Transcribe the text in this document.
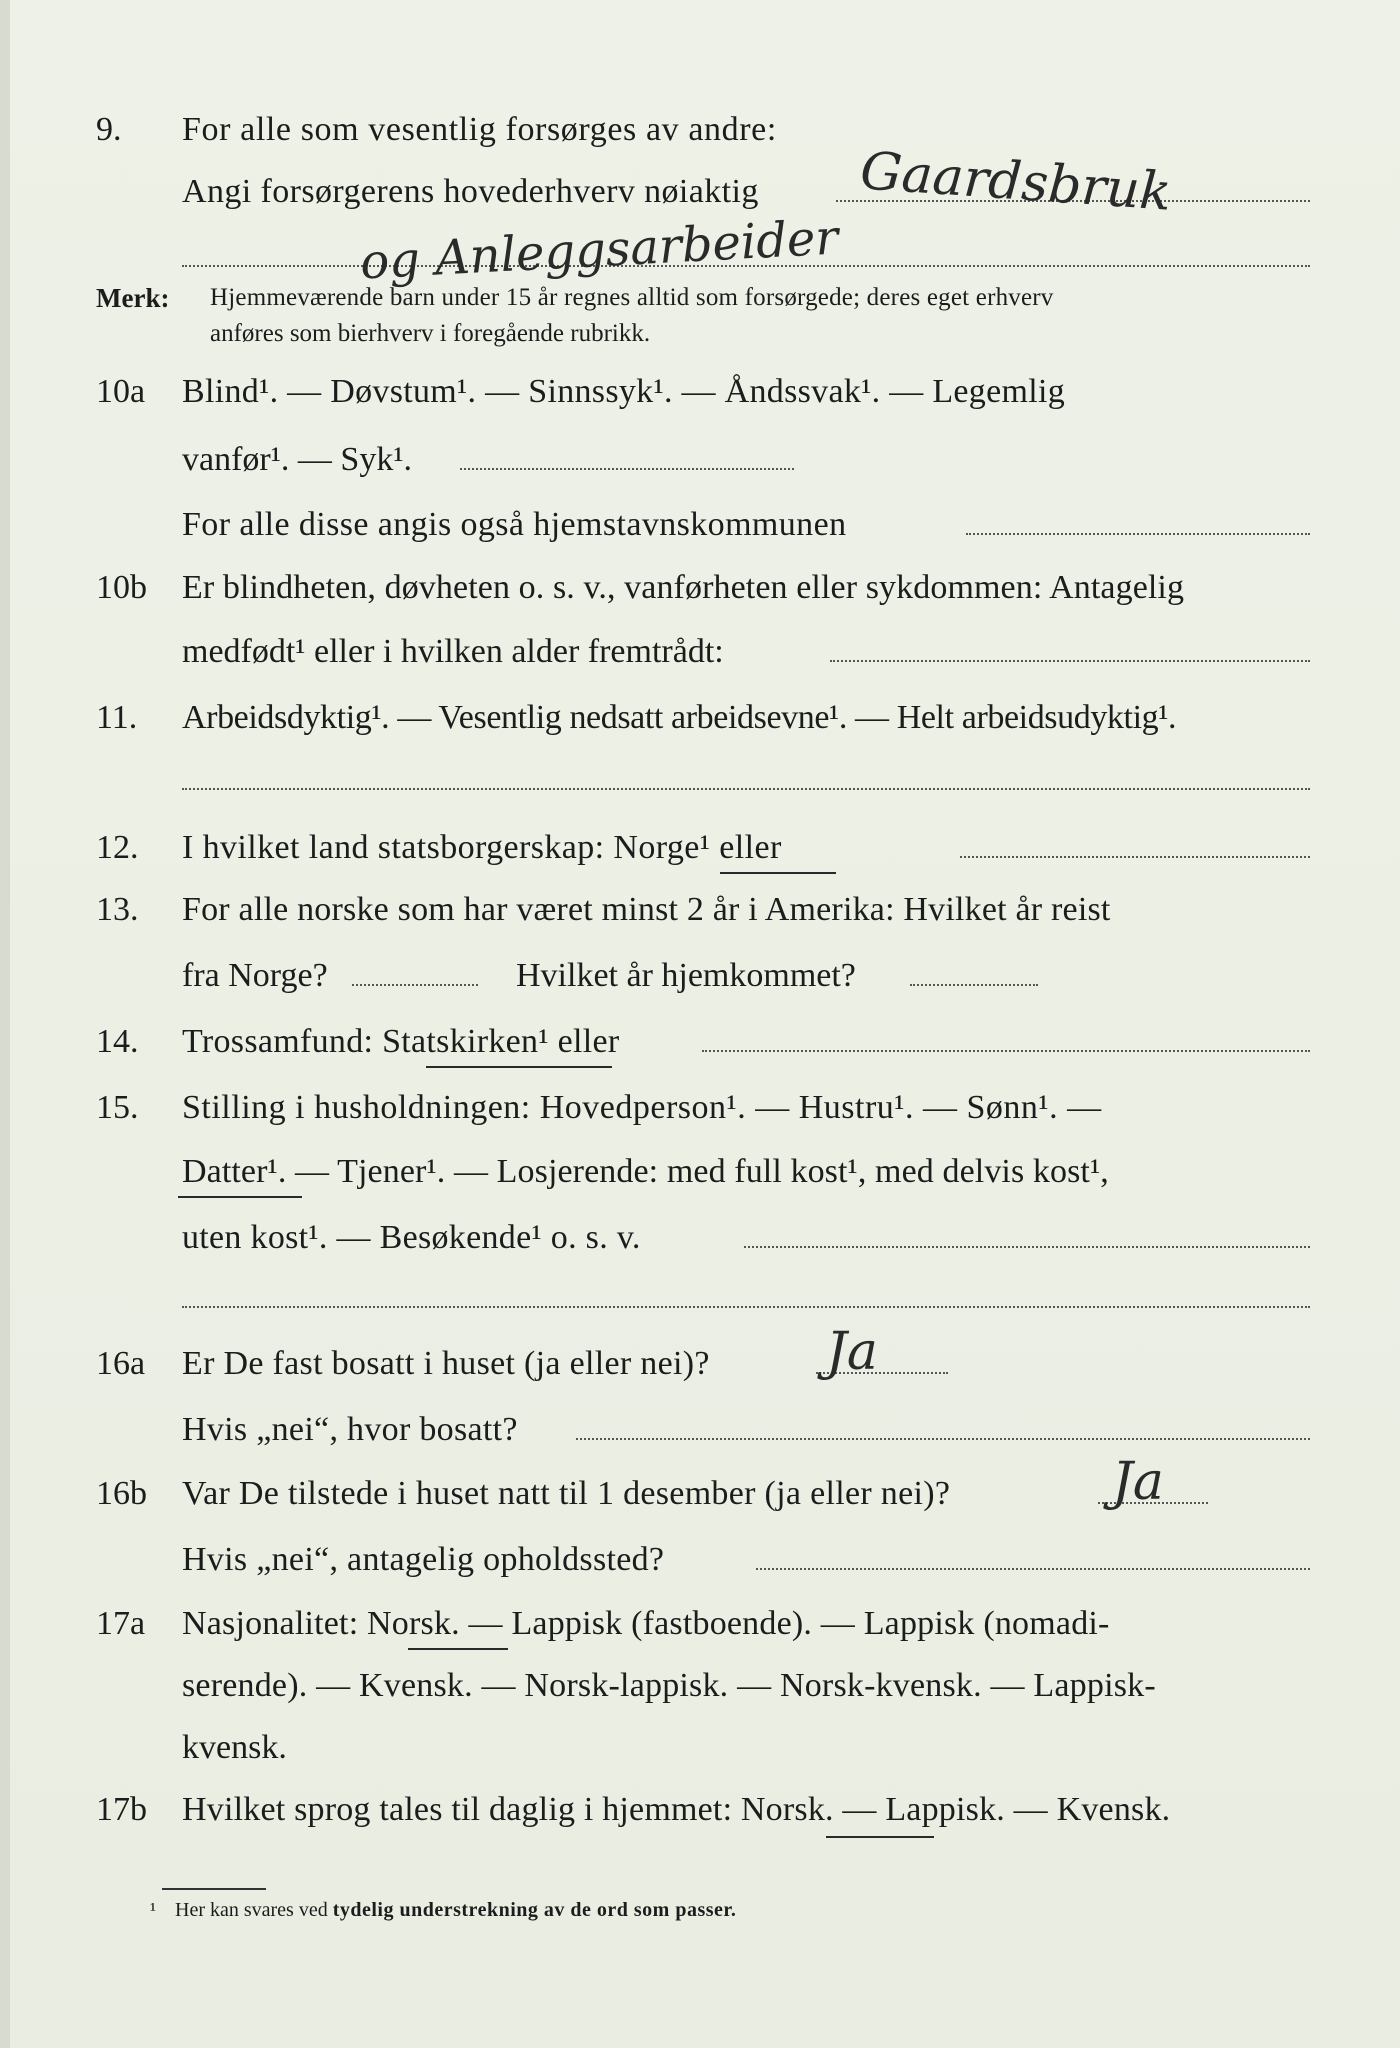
9. For alle som vesentlig forsørges av andre:
Angi forsørgerens hovederhverv nøiaktig Gaardsbruk
og Anleggsarbeider
Merk: Hjemmeværende barn under 15 år regnes alltid som forsørgede; deres eget erhverv
anføres som bierhverv i foregående rubrikk.
10a Blind¹. — Døvstum¹. — Sinnssyk¹. — Åndssvak¹. — Legemlig
vanfør¹. — Syk¹.
For alle disse angis også hjemstavnskommunen
10b Er blindheten, døvheten o. s. v., vanførheten eller sykdommen: Antagelig
medfødt¹ eller i hvilken alder fremtrådt:
11. Arbeidsdyktig¹. — Vesentlig nedsatt arbeidsevne¹. — Helt arbeidsudyktig¹.
12. I hvilket land statsborgerskap: Norge¹ eller
13. For alle norske som har været minst 2 år i Amerika: Hvilket år reist
fra Norge?	Hvilket år hjemkommet?
14. Trossamfund: Statskirken¹ eller
15. Stilling i husholdningen: Hovedperson¹. — Hustru¹. — Sønn¹. —
Datter¹. — Tjener¹. — Losjerende: med full kost¹, med delvis kost¹,
uten kost¹. — Besøkende¹ o. s. v.
16a Er De fast bosatt i huset (ja eller nei)? Ja
Hvis „nei“, hvor bosatt?
16b Var De tilstede i huset natt til 1 desember (ja eller nei)?	Ja
Hvis „nei“, antagelig opholdssted?
17a Nasjonalitet: Norsk. — Lappisk (fastboende). — Lappisk (nomadi-
serende). — Kvensk. — Norsk-lappisk. — Norsk-kvensk. — Lappisk-
kvensk.
17b Hvilket sprog tales til daglig i hjemmet: Norsk. — Lappisk. — Kvensk.
¹ Her kan svares ved tydelig understrekning av de ord som passer.
